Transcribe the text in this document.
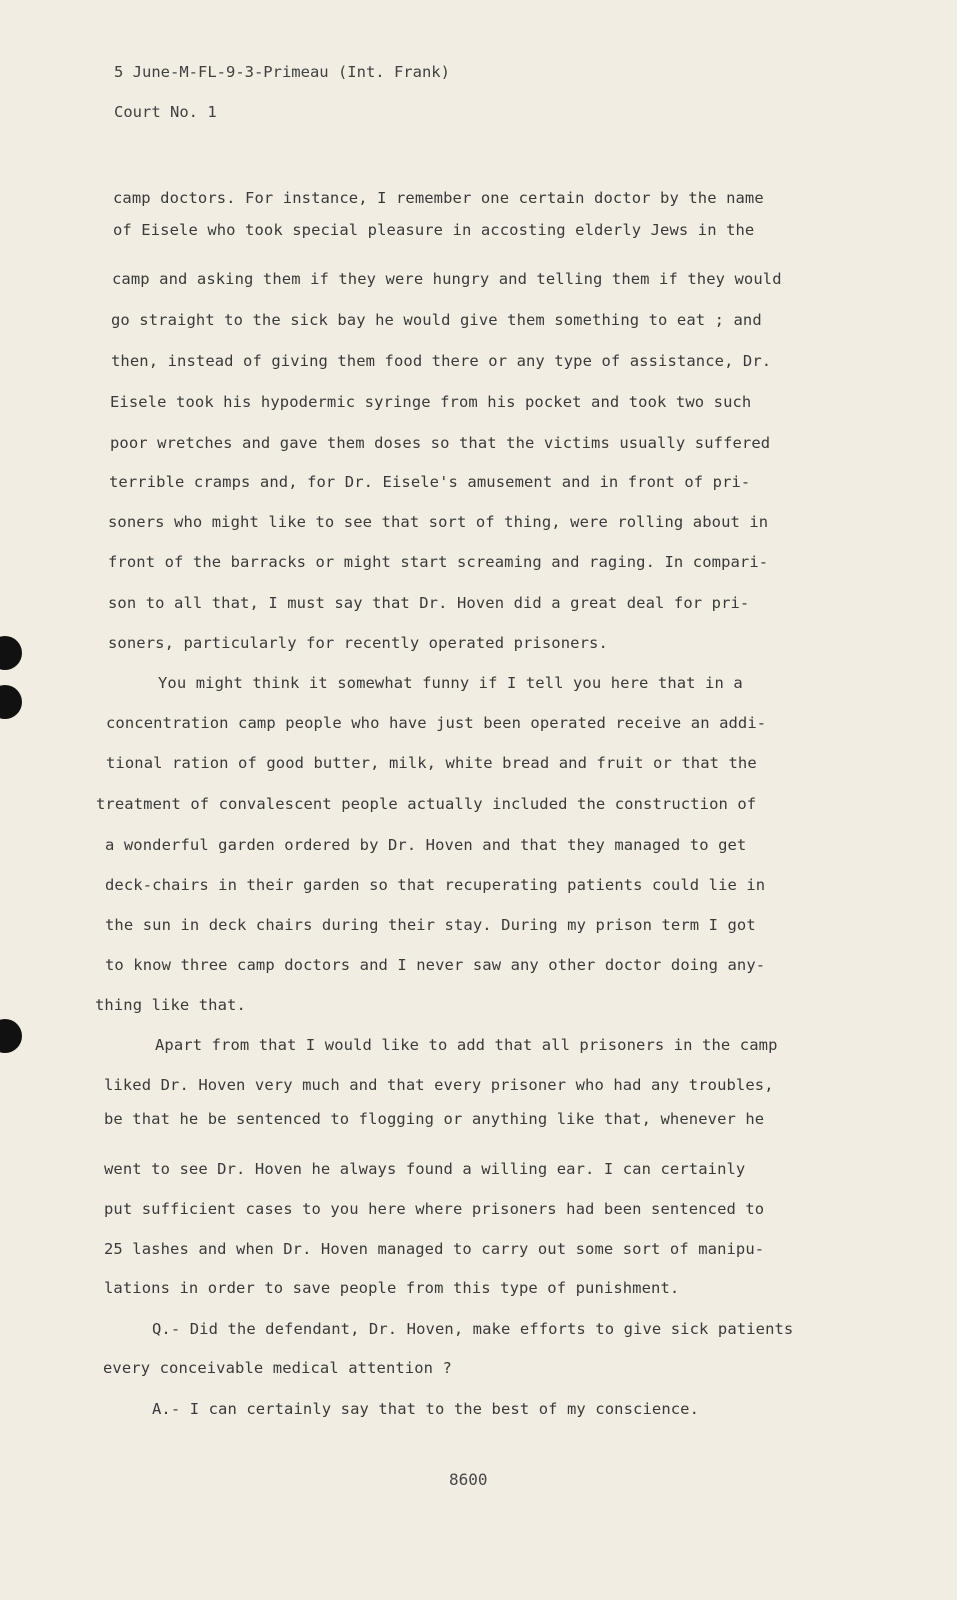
5 June-M-FL-9-3-Primeau (Int. Frank)
Court No. 1
camp doctors. For instance, I remember one certain doctor by the name
of Eisele who took special pleasure in accosting elderly Jews in the
camp and asking them if they were hungry and telling them if they would
go straight to the sick bay he would give them something to eat ; and
then, instead of giving them food there or any type of assistance, Dr.
Eisele took his hypodermic syringe from his pocket and took two such
poor wretches and gave them doses so that the victims usually suffered
terrible cramps and, for Dr. Eisele's amusement and in front of pri-
soners who might like to see that sort of thing, were rolling about in
front of the barracks or might start screaming and raging. In compari-
son to all that, I must say that Dr. Hoven did a great deal for pri-
soners, particularly for recently operated prisoners.
You might think it somewhat funny if I tell you here that in a
concentration camp people who have just been operated receive an addi-
tional ration of good butter, milk, white bread and fruit or that the
treatment of convalescent people actually included the construction of
a wonderful garden ordered by Dr. Hoven and that they managed to get
deck-chairs in their garden so that recuperating patients could lie in
the sun in deck chairs during their stay. During my prison term I got
to know three camp doctors and I never saw any other doctor doing any-
thing like that.
Apart from that I would like to add that all prisoners in the camp
liked Dr. Hoven very much and that every prisoner who had any troubles,
be that he be sentenced to flogging or anything like that, whenever he
went to see Dr. Hoven he always found a willing ear. I can certainly
put sufficient cases to you here where prisoners had been sentenced to
25 lashes and when Dr. Hoven managed to carry out some sort of manipu-
lations in order to save people from this type of punishment.
Q.- Did the defendant, Dr. Hoven, make efforts to give sick patients
every conceivable medical attention ?
A.- I can certainly say that to the best of my conscience.
8600
